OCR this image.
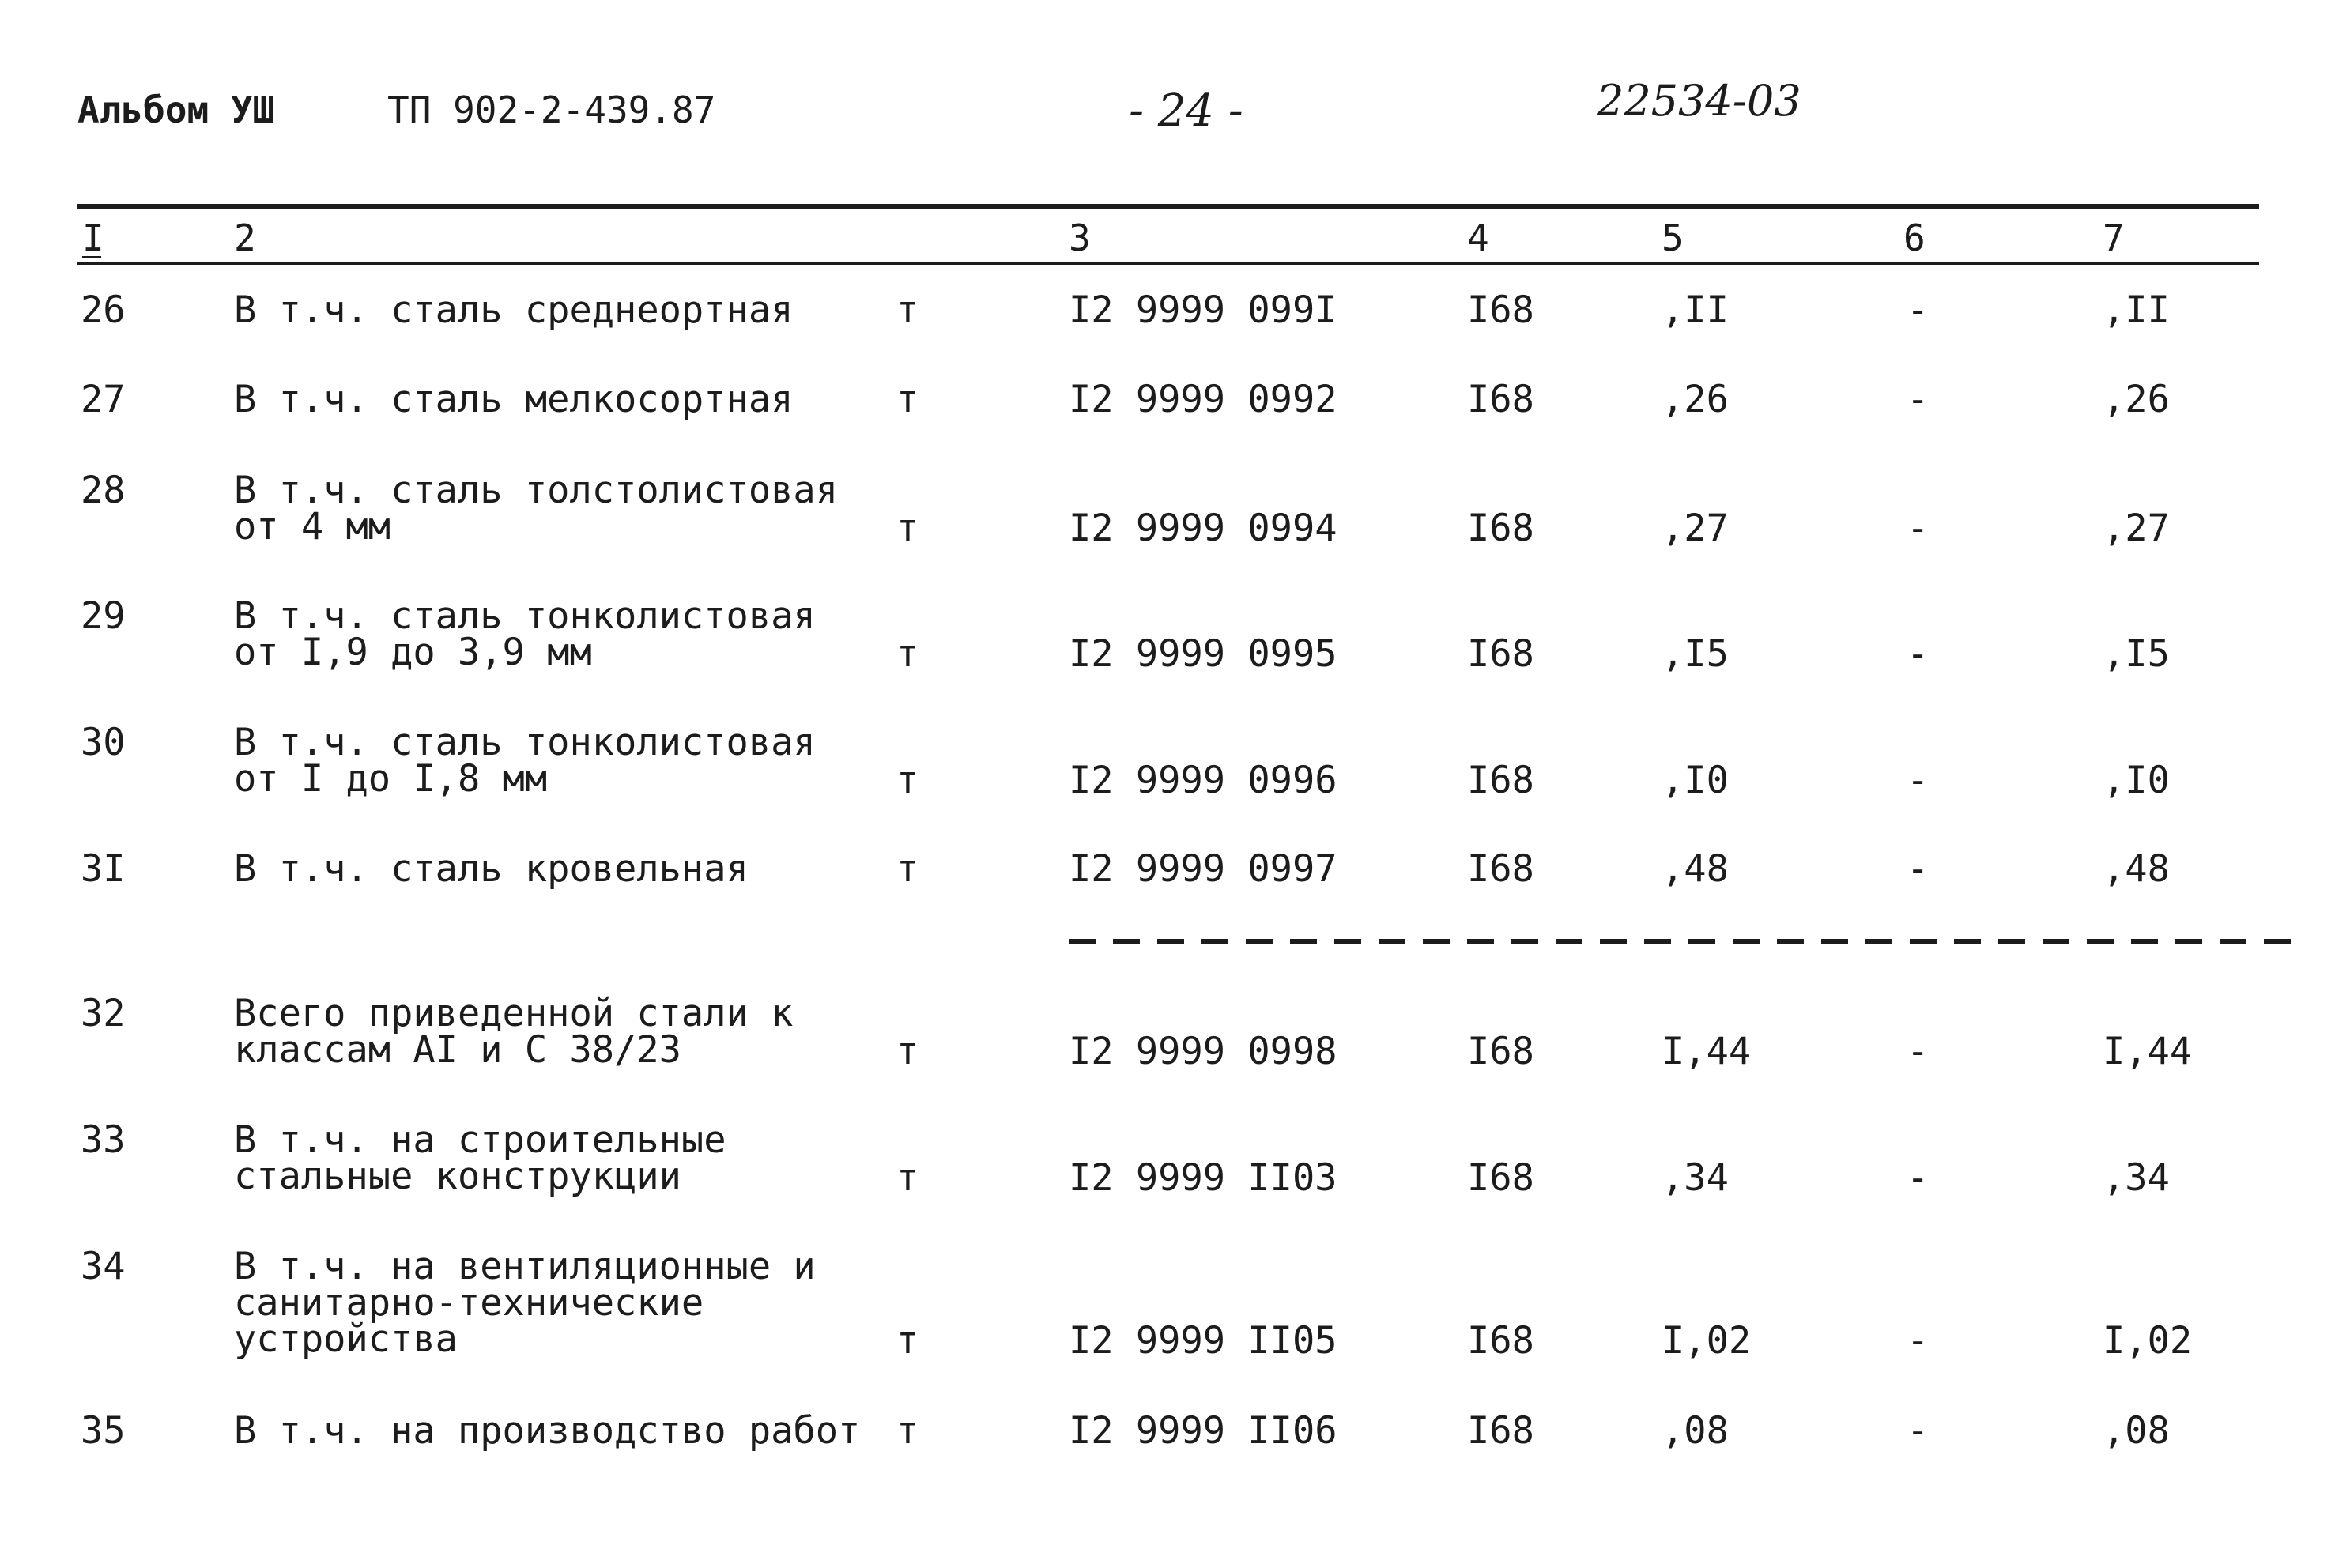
Альбом УШ	ТП 902-2-439.87	- 24 -	22534-03
I	2	3	4	5	6	7
26	В т.ч. сталь среднеортная	т	I2 9999 099I	I68	,II	-	,II
27	В т.ч. сталь мелкосортная	т	I2 9999 0992	I68	,26	-	,26
28	В т.ч. сталь толстолистовая
от 4 мм	т	I2 9999 0994	I68	,27	-	,27
29	В т.ч. сталь тонколистовая
от I,9 до 3,9 мм	т	I2 9999 0995	I68	,I5	-	,I5
30	В т.ч. сталь тонколистовая
от I до I,8 мм	т	I2 9999 0996	I68	,I0	-	,I0
3I	В т.ч. сталь кровельная	т	I2 9999 0997	I68	,48	-	,48
32	Всего приведенной стали к
классам AI и С 38/23	т	I2 9999 0998	I68	I,44	-	I,44
33	В т.ч. на строительные
стальные конструкции	т	I2 9999 II03	I68	,34	-	,34
34	В т.ч. на вентиляционные и
санитарно-технические
устройства	т	I2 9999 II05	I68	I,02	-	I,02
35	В т.ч. на производство работ т	I2 9999 II06	I68	,08	-	,08
